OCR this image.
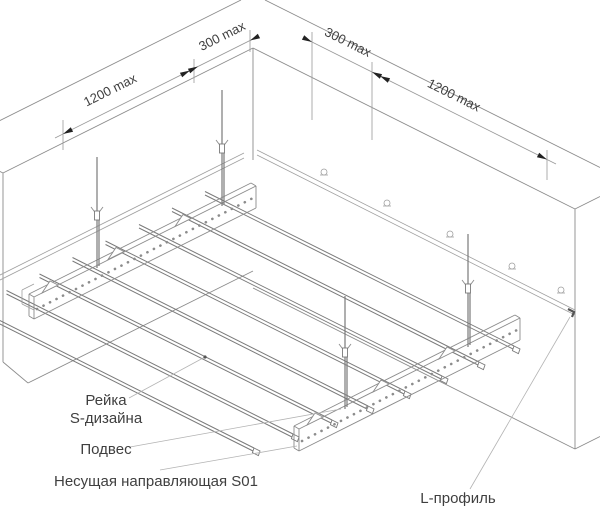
1200 max
300 max	300 max
1200 max
Рейка
S-дизайна
Подвес
Несущая направляющая S01
L-профиль
